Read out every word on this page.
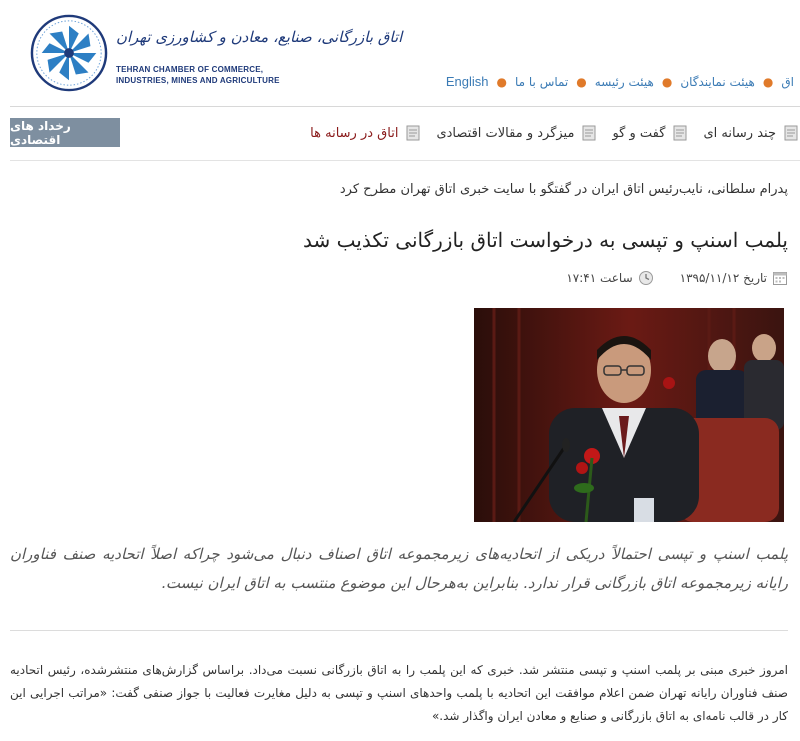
اتاق بازرگانی، صنایع، معادن و کشاورزی تهران
TEHRAN CHAMBER OF COMMERCE,
INDUSTRIES, MINES AND AGRICULTURE	اق
●
هیئت نمایندگان
●
هیئت رئیسه
●
تماس با ما
●
English
چند رسانه ای
گفت و گو
میزگرد و مقالات اقتصادی
اتاق در رسانه ها
رخداد های اقتصادی
پدرام سلطانی، نایب‌رئیس اتاق ایران در گفتگو با سایت خبری اتاق تهران مطرح کرد
پلمب اسنپ و تپسی به درخواست اتاق بازرگانی تکذیب شد
تاریخ ۱۳۹۵/۱۱/۱۲
ساعت ۱۷:۴۱
پلمب اسنپ و تپسی احتمالاً دریکی از اتحادیه‌های زیرمجموعه اتاق اصناف دنبال می‌شود چراکه اصلاً اتحادیه صنف فناوران رایانه زیرمجموعه اتاق بازرگانی قرار ندارد. بنابراین به‌هرحال این موضوع منتسب به اتاق ایران نیست.
امروز خبری مبنی بر پلمب اسنپ و تپسی منتشر شد. خبری که این پلمب را به اتاق بازرگانی نسبت می‌داد. براساس گزارش‌های منتشرشده، رئیس اتحادیه صنف فناوران رایانه تهران ضمن اعلام موافقت این اتحادیه با پلمب واحدهای اسنپ و تپسی به دلیل مغایرت فعالیت با جواز صنفی گفت: «مراتب اجرایی این کار در قالب نامه‌ای به اتاق بازرگانی و صنایع و معادن ایران واگذار شد.»
